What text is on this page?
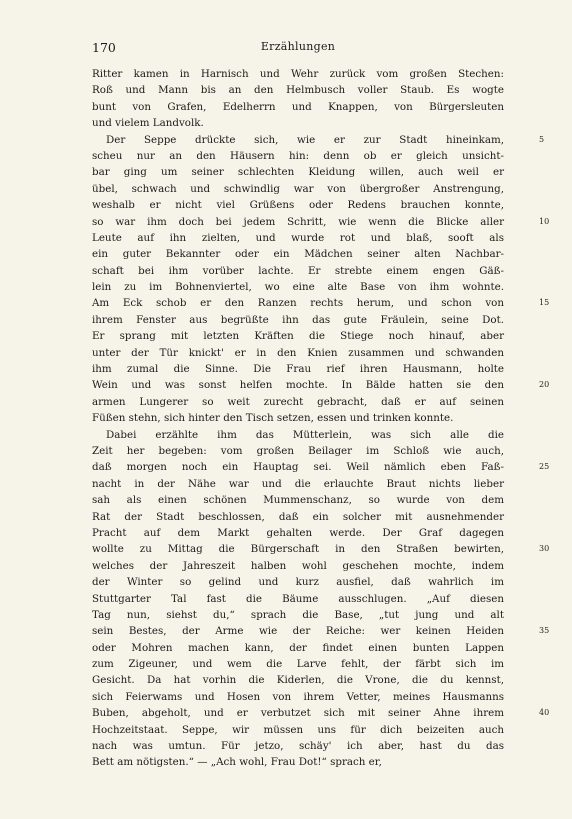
170	Erzählungen
Ritter kamen in Harnisch und Wehr zurück vom großen Stechen:
Roß und Mann bis an den Helmbusch voller Staub. Es wogte
bunt von Grafen, Edelherrn und Knappen, von Bürgersleuten
und vielem Landvolk.
Der Seppe drückte sich, wie er zur Stadt hineinkam,	5
scheu nur an den Häusern hin: denn ob er gleich unsicht-
bar ging um seiner schlechten Kleidung willen, auch weil er
übel, schwach und schwindlig war von übergroßer Anstrengung,
weshalb er nicht viel Grüßens oder Redens brauchen konnte,
so war ihm doch bei jedem Schritt, wie wenn die Blicke aller	10
Leute auf ihn zielten, und wurde rot und blaß, sooft als
ein guter Bekannter oder ein Mädchen seiner alten Nachbar-
schaft bei ihm vorüber lachte. Er strebte einem engen Gäß-
lein zu im Bohnenviertel, wo eine alte Base von ihm wohnte.
Am Eck schob er den Ranzen rechts herum, und schon von	15
ihrem Fenster aus begrüßte ihn das gute Fräulein, seine Dot.
Er sprang mit letzten Kräften die Stiege noch hinauf, aber
unter der Tür knickt' er in den Knien zusammen und schwanden
ihm zumal die Sinne. Die Frau rief ihren Hausmann, holte
Wein und was sonst helfen mochte. In Bälde hatten sie den	20
armen Lungerer so weit zurecht gebracht, daß er auf seinen
Füßen stehn, sich hinter den Tisch setzen, essen und trinken konnte.
Dabei erzählte ihm das Mütterlein, was sich alle die
Zeit her begeben: vom großen Beilager im Schloß wie auch,
daß morgen noch ein Hauptag sei. Weil nämlich eben Faß-	25
nacht in der Nähe war und die erlauchte Braut nichts lieber
sah als einen schönen Mummenschanz, so wurde von dem
Rat der Stadt beschlossen, daß ein solcher mit ausnehmender
Pracht auf dem Markt gehalten werde. Der Graf dagegen
wollte zu Mittag die Bürgerschaft in den Straßen bewirten,	30
welches der Jahreszeit halben wohl geschehen mochte, indem
der Winter so gelind und kurz ausfiel, daß wahrlich im
Stuttgarter Tal fast die Bäume ausschlugen. „Auf diesen
Tag nun, siehst du,“ sprach die Base, „tut jung und alt
sein Bestes, der Arme wie der Reiche: wer keinen Heiden	35
oder Mohren machen kann, der findet einen bunten Lappen
zum Zigeuner, und wem die Larve fehlt, der färbt sich im
Gesicht. Da hat vorhin die Kiderlen, die Vrone, die du kennst,
sich Feierwams und Hosen von ihrem Vetter, meines Hausmanns
Buben, abgeholt, und er verbutzet sich mit seiner Ahne ihrem	40
Hochzeitstaat. Seppe, wir müssen uns für dich beizeiten auch
nach was umtun. Für jetzo, schäy' ich aber, hast du das
Bett am nötigsten.“ — „Ach wohl, Frau Dot!“ sprach er,
